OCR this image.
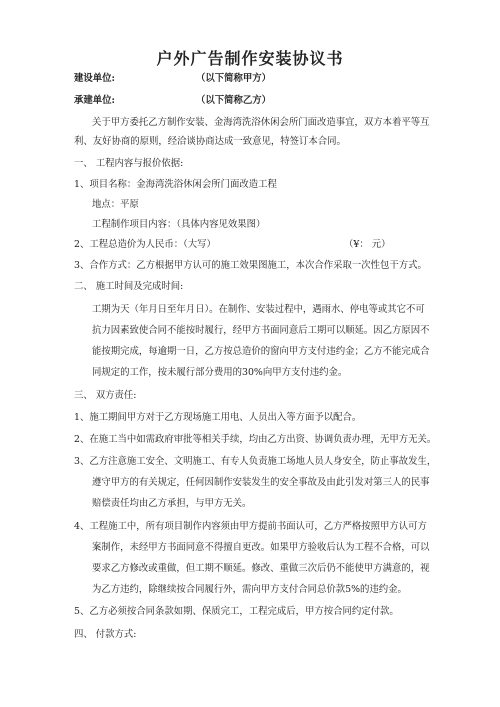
户外广告制作安装协议书
建设单位:	（以下简称甲方）
承建单位:	（以下简称乙方）
关于甲方委托乙方制作安装、金海湾洗浴休闲会所门面改造事宜，双方本着平等互
利、友好协商的原则，经洽谈协商达成一致意见，特签订本合同。
一、 工程内容与报价依据:
1、项目名称：金海湾洗浴休闲会所门面改造工程
地点：平原
工程制作项目内容：（具体内容见效果图）
2、工程总造价为人民币：（大写）	（¥： 元）
3、合作方式：乙方根据甲方认可的施工效果图施工，本次合作采取一次性包干方式。
二、 施工时间及完成时间:
工期为天（年月日至年月日）。在制作、安装过程中，遇雨水、停电等或其它不可
抗力因素致使合同不能按时履行，经甲方书面同意后工期可以顺延。因乙方原因不
能按期完成，每逾期一日，乙方按总造价的窗向甲方支付违约金；乙方不能完成合
同规定的工作，按未履行部分费用的30%向甲方支付违约金。
三、 双方责任:
1、施工期间甲方对于乙方现场施工用电、人员出入等方面予以配合。
2、在施工当中如需政府审批等相关手续，均由乙方出资、协调负责办理，无甲方无关。
3、乙方注意施工安全、文明施工、有专人负责施工场地人员人身安全，防止事故发生，
遵守甲方的有关规定，任何因制作安装发生的安全事故及由此引发对第三人的民事
赔偿责任均由乙方承担，与甲方无关。
4、工程施工中，所有项目制作内容须由甲方提前书面认可，乙方严格按照甲方认可方
案制作，未经甲方书面同意不得擅自更改。如果甲方验收后认为工程不合格，可以
要求乙方修改或重做，但工期不顺延。修改、重做三次后仍不能使甲方满意的，视
为乙方违约，除继续按合同履行外，需向甲方支付合同总价款5%的违约金。
5、乙方必须按合同条款如期、保质完工，工程完成后，甲方按合同约定付款。
四、 付款方式:
